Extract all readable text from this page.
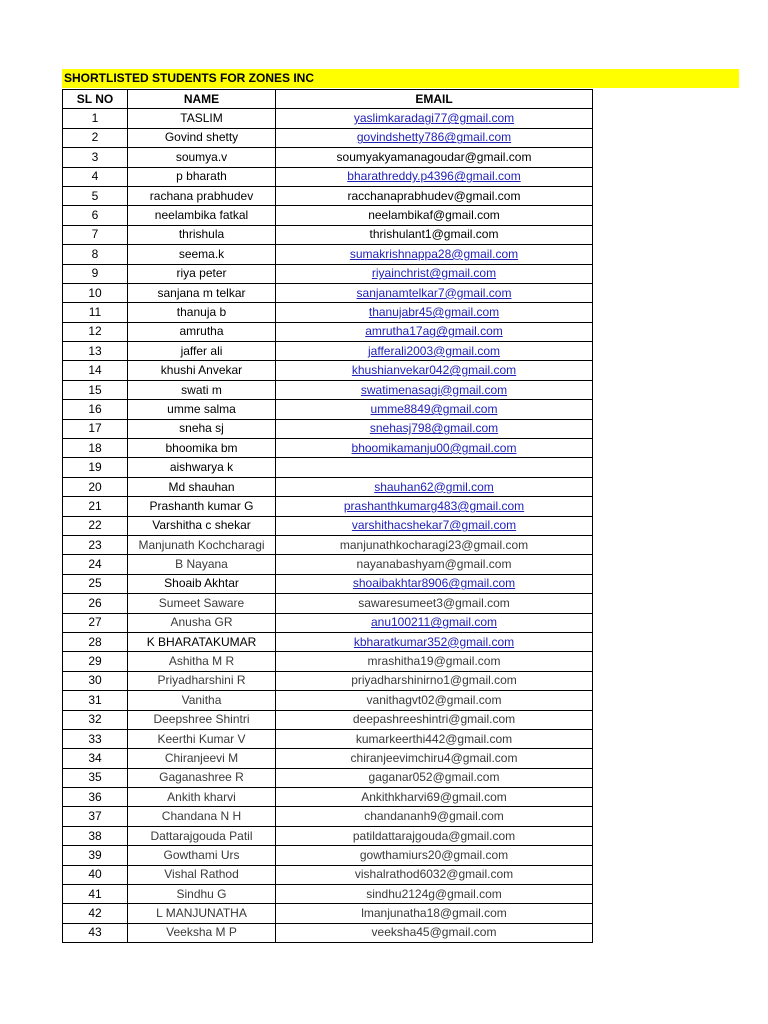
SHORTLISTED STUDENTS FOR ZONES INC
SL NO	NAME	EMAIL
1	TASLIM	yaslimkaradagi77@gmail.com
2	Govind shetty	govindshetty786@gmail.com
3	soumya.v	soumyakyamanagoudar@gmail.com
4	p bharath	bharathreddy.p4396@gmail.com
5	rachana prabhudev	racchanaprabhudev@gmail.com
6	neelambika fatkal	neelambikaf@gmail.com
7	thrishula	thrishulant1@gmail.com
8	seema.k	sumakrishnappa28@gmail.com
9	riya peter	riyainchrist@gmail.com
10	sanjana m telkar	sanjanamtelkar7@gmail.com
11	thanuja b	thanujabr45@gmail.com
12	amrutha	amrutha17ag@gmail.com
13	jaffer ali	jafferali2003@gmail.com
14	khushi Anvekar	khushianvekar042@gmail.com
15	swati m	swatimenasagi@gmail.com
16	umme salma	umme8849@gmail.com
17	sneha sj	snehasj798@gmail.com
18	bhoomika bm	bhoomikamanju00@gmail.com
19	aishwarya k	
20	Md shauhan	shauhan62@gmil.com
21	Prashanth kumar G	prashanthkumarg483@gmail.com
22	Varshitha c shekar	varshithacshekar7@gmail.com
23	Manjunath Kochcharagi	manjunathkocharagi23@gmail.com
24	B Nayana	nayanabashyam@gmail.com
25	Shoaib Akhtar	shoaibakhtar8906@gmail.com
26	Sumeet Saware	sawaresumeet3@gmail.com
27	Anusha GR	anu100211@gmail.com
28	K BHARATAKUMAR	kbharatkumar352@gmail.com
29	Ashitha M R	mrashitha19@gmail.com
30	Priyadharshini R	priyadharshinirno1@gmail.com
31	Vanitha	vanithagvt02@gmail.com
32	Deepshree Shintri	deepashreeshintri@gmail.com
33	Keerthi Kumar V	kumarkeerthi442@gmail.com
34	Chiranjeevi M	chiranjeevimchiru4@gmail.com
35	Gaganashree R	gaganar052@gmail.com
36	Ankith kharvi	Ankithkharvi69@gmail.com
37	Chandana N H	chandananh9@gmail.com
38	Dattarajgouda Patil	patildattarajgouda@gmail.com
39	Gowthami Urs	gowthamiurs20@gmail.com
40	Vishal Rathod	vishalrathod6032@gmail.com
41	Sindhu G	sindhu2124g@gmail.com
42	L MANJUNATHA	lmanjunatha18@gmail.com
43	Veeksha M P	veeksha45@gmail.com
